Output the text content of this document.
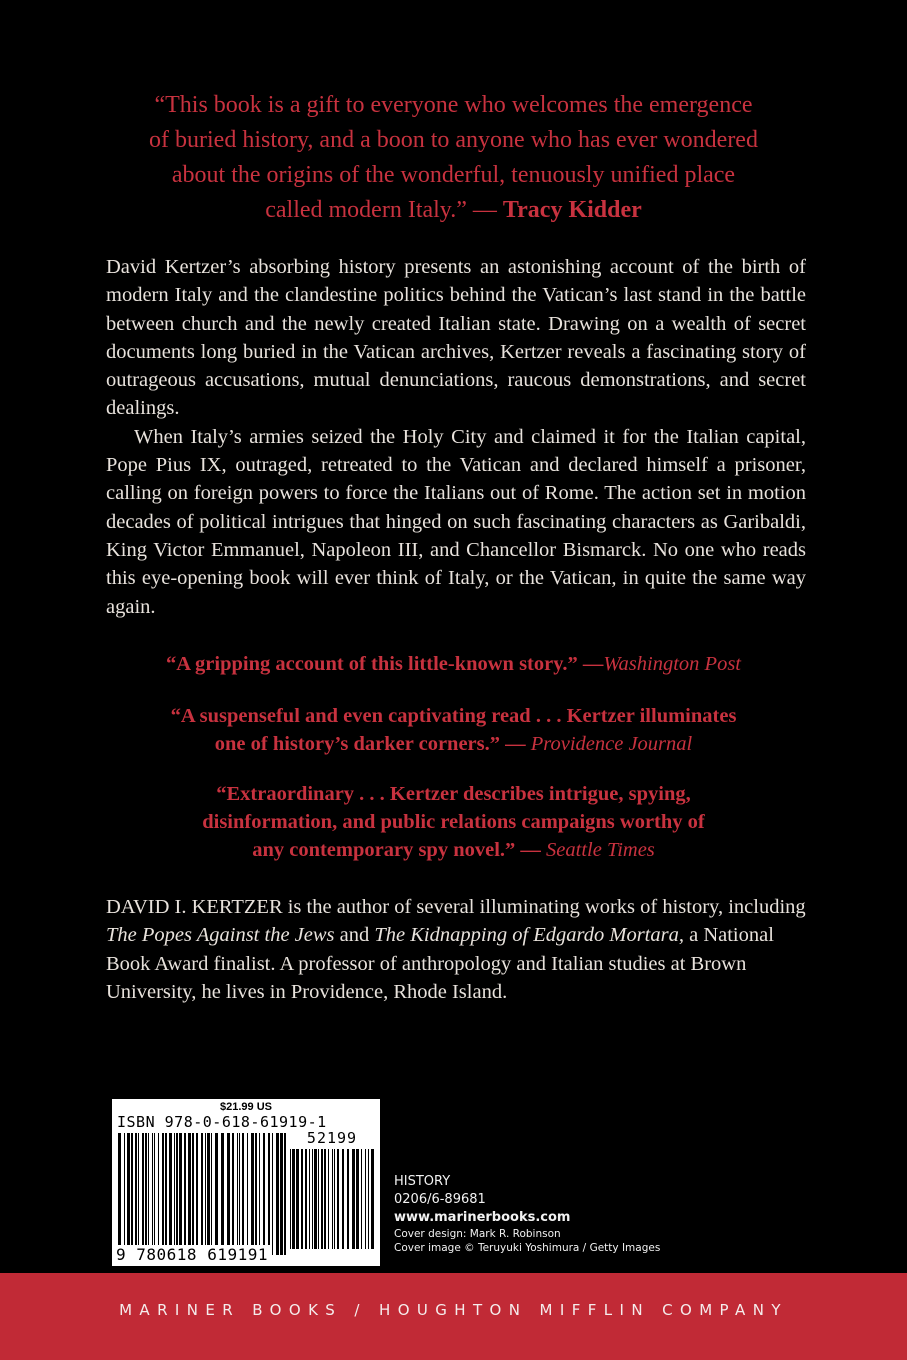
“This book is a gift to everyone who welcomes the emergence
of buried history, and a boon to anyone who has ever wondered
about the origins of the wonderful, tenuously unified place
called modern Italy.” — Tracy Kidder

David Kertzer’s absorbing history presents an astonishing account of the birth of modern Italy and the clandestine politics behind the Vatican’s last stand in the battle between church and the newly created Italian state. Drawing on a wealth of secret documents long buried in the Vatican archives, Kertzer reveals a fascinating story of outrageous accusations, mutual denunciations, raucous demonstrations, and secret dealings.

When Italy’s armies seized the Holy City and claimed it for the Italian capital, Pope Pius IX, outraged, retreated to the Vatican and declared himself a prisoner, calling on foreign powers to force the Italians out of Rome. The action set in motion decades of political intrigues that hinged on such fascinating characters as Garibaldi, King Victor Emmanuel, Napoleon III, and Chancellor Bismarck. No one who reads this eye-opening book will ever think of Italy, or the Vatican, in quite the same way again.

“A gripping account of this little-known story.” —Washington Post
“A suspenseful and even captivating read . . . Kertzer illuminates
one of history’s darker corners.” — Providence Journal
“Extraordinary . . . Kertzer describes intrigue, spying,
disinformation, and public relations campaigns worthy of
any contemporary spy novel.” — Seattle Times
DAVID I. KERTZER is the author of several illuminating works of history, including The Popes Against the Jews and The Kidnapping of Edgardo Mortara, a National Book Award finalist. A professor of anthropology and Italian studies at Brown University, he lives in Providence, Rhode Island.
$21.99 US
ISBN 978-0-618-61919-1
52199
9 780618 619191
HISTORY
0206/6-89681
www.marinerbooks.com
Cover design: Mark R. Robinson
Cover image © Teruyuki Yoshimura / Getty Images
MARINER BOOKS / HOUGHTON MIFFLIN COMPANY
